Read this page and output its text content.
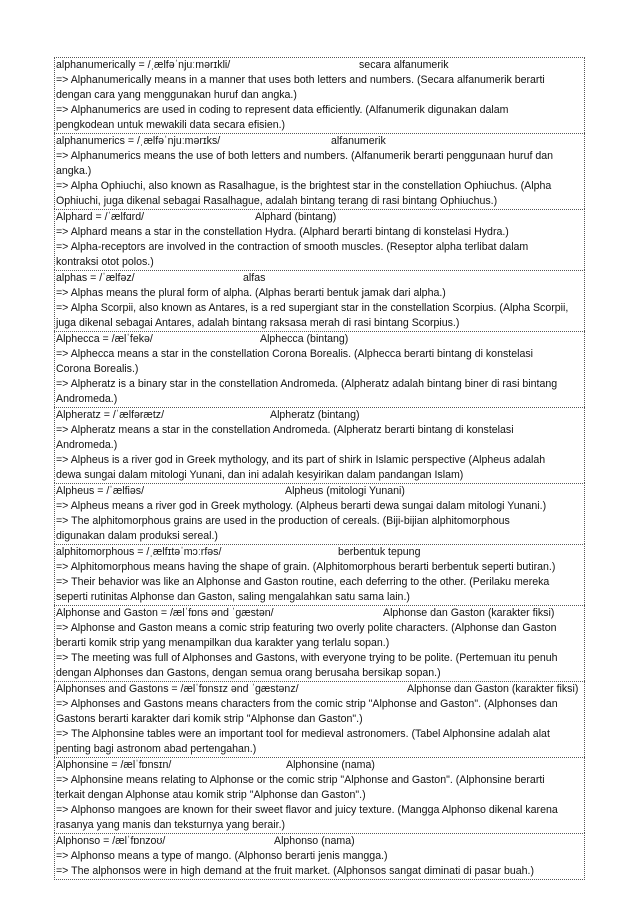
alphanumerically = /ˌælfəˈnjuːmərɪkli/	secara alfanumerik
=> Alphanumerically means in a manner that uses both letters and numbers. (Secara alfanumerik berarti
dengan cara yang menggunakan huruf dan angka.)
=> Alphanumerics are used in coding to represent data efficiently. (Alfanumerik digunakan dalam
pengkodean untuk mewakili data secara efisien.)
alphanumerics = /ˌælfəˈnjuːmərɪks/	alfanumerik
=> Alphanumerics means the use of both letters and numbers. (Alfanumerik berarti penggunaan huruf dan
angka.)
=> Alpha Ophiuchi, also known as Rasalhague, is the brightest star in the constellation Ophiuchus. (Alpha
Ophiuchi, juga dikenal sebagai Rasalhague, adalah bintang terang di rasi bintang Ophiuchus.)
Alphard = /ˈælfɑrd/	Alphard (bintang)
=> Alphard means a star in the constellation Hydra. (Alphard berarti bintang di konstelasi Hydra.)
=> Alpha-receptors are involved in the contraction of smooth muscles. (Reseptor alpha terlibat dalam
kontraksi otot polos.)
alphas = /ˈælfəz/	alfas
=> Alphas means the plural form of alpha. (Alphas berarti bentuk jamak dari alpha.)
=> Alpha Scorpii, also known as Antares, is a red supergiant star in the constellation Scorpius. (Alpha Scorpii,
juga dikenal sebagai Antares, adalah bintang raksasa merah di rasi bintang Scorpius.)
Alphecca = /ælˈfekə/	Alphecca (bintang)
=> Alphecca means a star in the constellation Corona Borealis. (Alphecca berarti bintang di konstelasi
Corona Borealis.)
=> Alpheratz is a binary star in the constellation Andromeda. (Alpheratz adalah bintang biner di rasi bintang
Andromeda.)
Alpheratz = /ˈælfərætz/	Alpheratz (bintang)
=> Alpheratz means a star in the constellation Andromeda. (Alpheratz berarti bintang di konstelasi
Andromeda.)
=> Alpheus is a river god in Greek mythology, and its part of shirk in Islamic perspective (Alpheus adalah
dewa sungai dalam mitologi Yunani, dan ini adalah kesyirikan dalam pandangan Islam)
Alpheus = /ˈælfiəs/	Alpheus (mitologi Yunani)
=> Alpheus means a river god in Greek mythology. (Alpheus berarti dewa sungai dalam mitologi Yunani.)
=> The alphitomorphous grains are used in the production of cereals. (Biji-bijian alphitomorphous
digunakan dalam produksi sereal.)
alphitomorphous = /ˌælfɪtəˈmɔːrfəs/	berbentuk tepung
=> Alphitomorphous means having the shape of grain. (Alphitomorphous berarti berbentuk seperti butiran.)
=> Their behavior was like an Alphonse and Gaston routine, each deferring to the other. (Perilaku mereka
seperti rutinitas Alphonse dan Gaston, saling mengalahkan satu sama lain.)
Alphonse and Gaston = /ælˈfɒns ənd ˈɡæstən/	Alphonse dan Gaston (karakter fiksi)
=> Alphonse and Gaston means a comic strip featuring two overly polite characters. (Alphonse dan Gaston
berarti komik strip yang menampilkan dua karakter yang terlalu sopan.)
=> The meeting was full of Alphonses and Gastons, with everyone trying to be polite. (Pertemuan itu penuh
dengan Alphonses dan Gastons, dengan semua orang berusaha bersikap sopan.)
Alphonses and Gastons = /ælˈfɒnsɪz ənd ˈɡæstənz/	Alphonse dan Gaston (karakter fiksi)
=> Alphonses and Gastons means characters from the comic strip "Alphonse and Gaston". (Alphonses dan
Gastons berarti karakter dari komik strip "Alphonse dan Gaston".)
=> The Alphonsine tables were an important tool for medieval astronomers. (Tabel Alphonsine adalah alat
penting bagi astronom abad pertengahan.)
Alphonsine = /ælˈfɒnsɪn/	Alphonsine (nama)
=> Alphonsine means relating to Alphonse or the comic strip "Alphonse and Gaston". (Alphonsine berarti
terkait dengan Alphonse atau komik strip "Alphonse dan Gaston".)
=> Alphonso mangoes are known for their sweet flavor and juicy texture. (Mangga Alphonso dikenal karena
rasanya yang manis dan teksturnya yang berair.)
Alphonso = /ælˈfɒnzoʊ/	Alphonso (nama)
=> Alphonso means a type of mango. (Alphonso berarti jenis mangga.)
=> The alphonsos were in high demand at the fruit market. (Alphonsos sangat diminati di pasar buah.)
